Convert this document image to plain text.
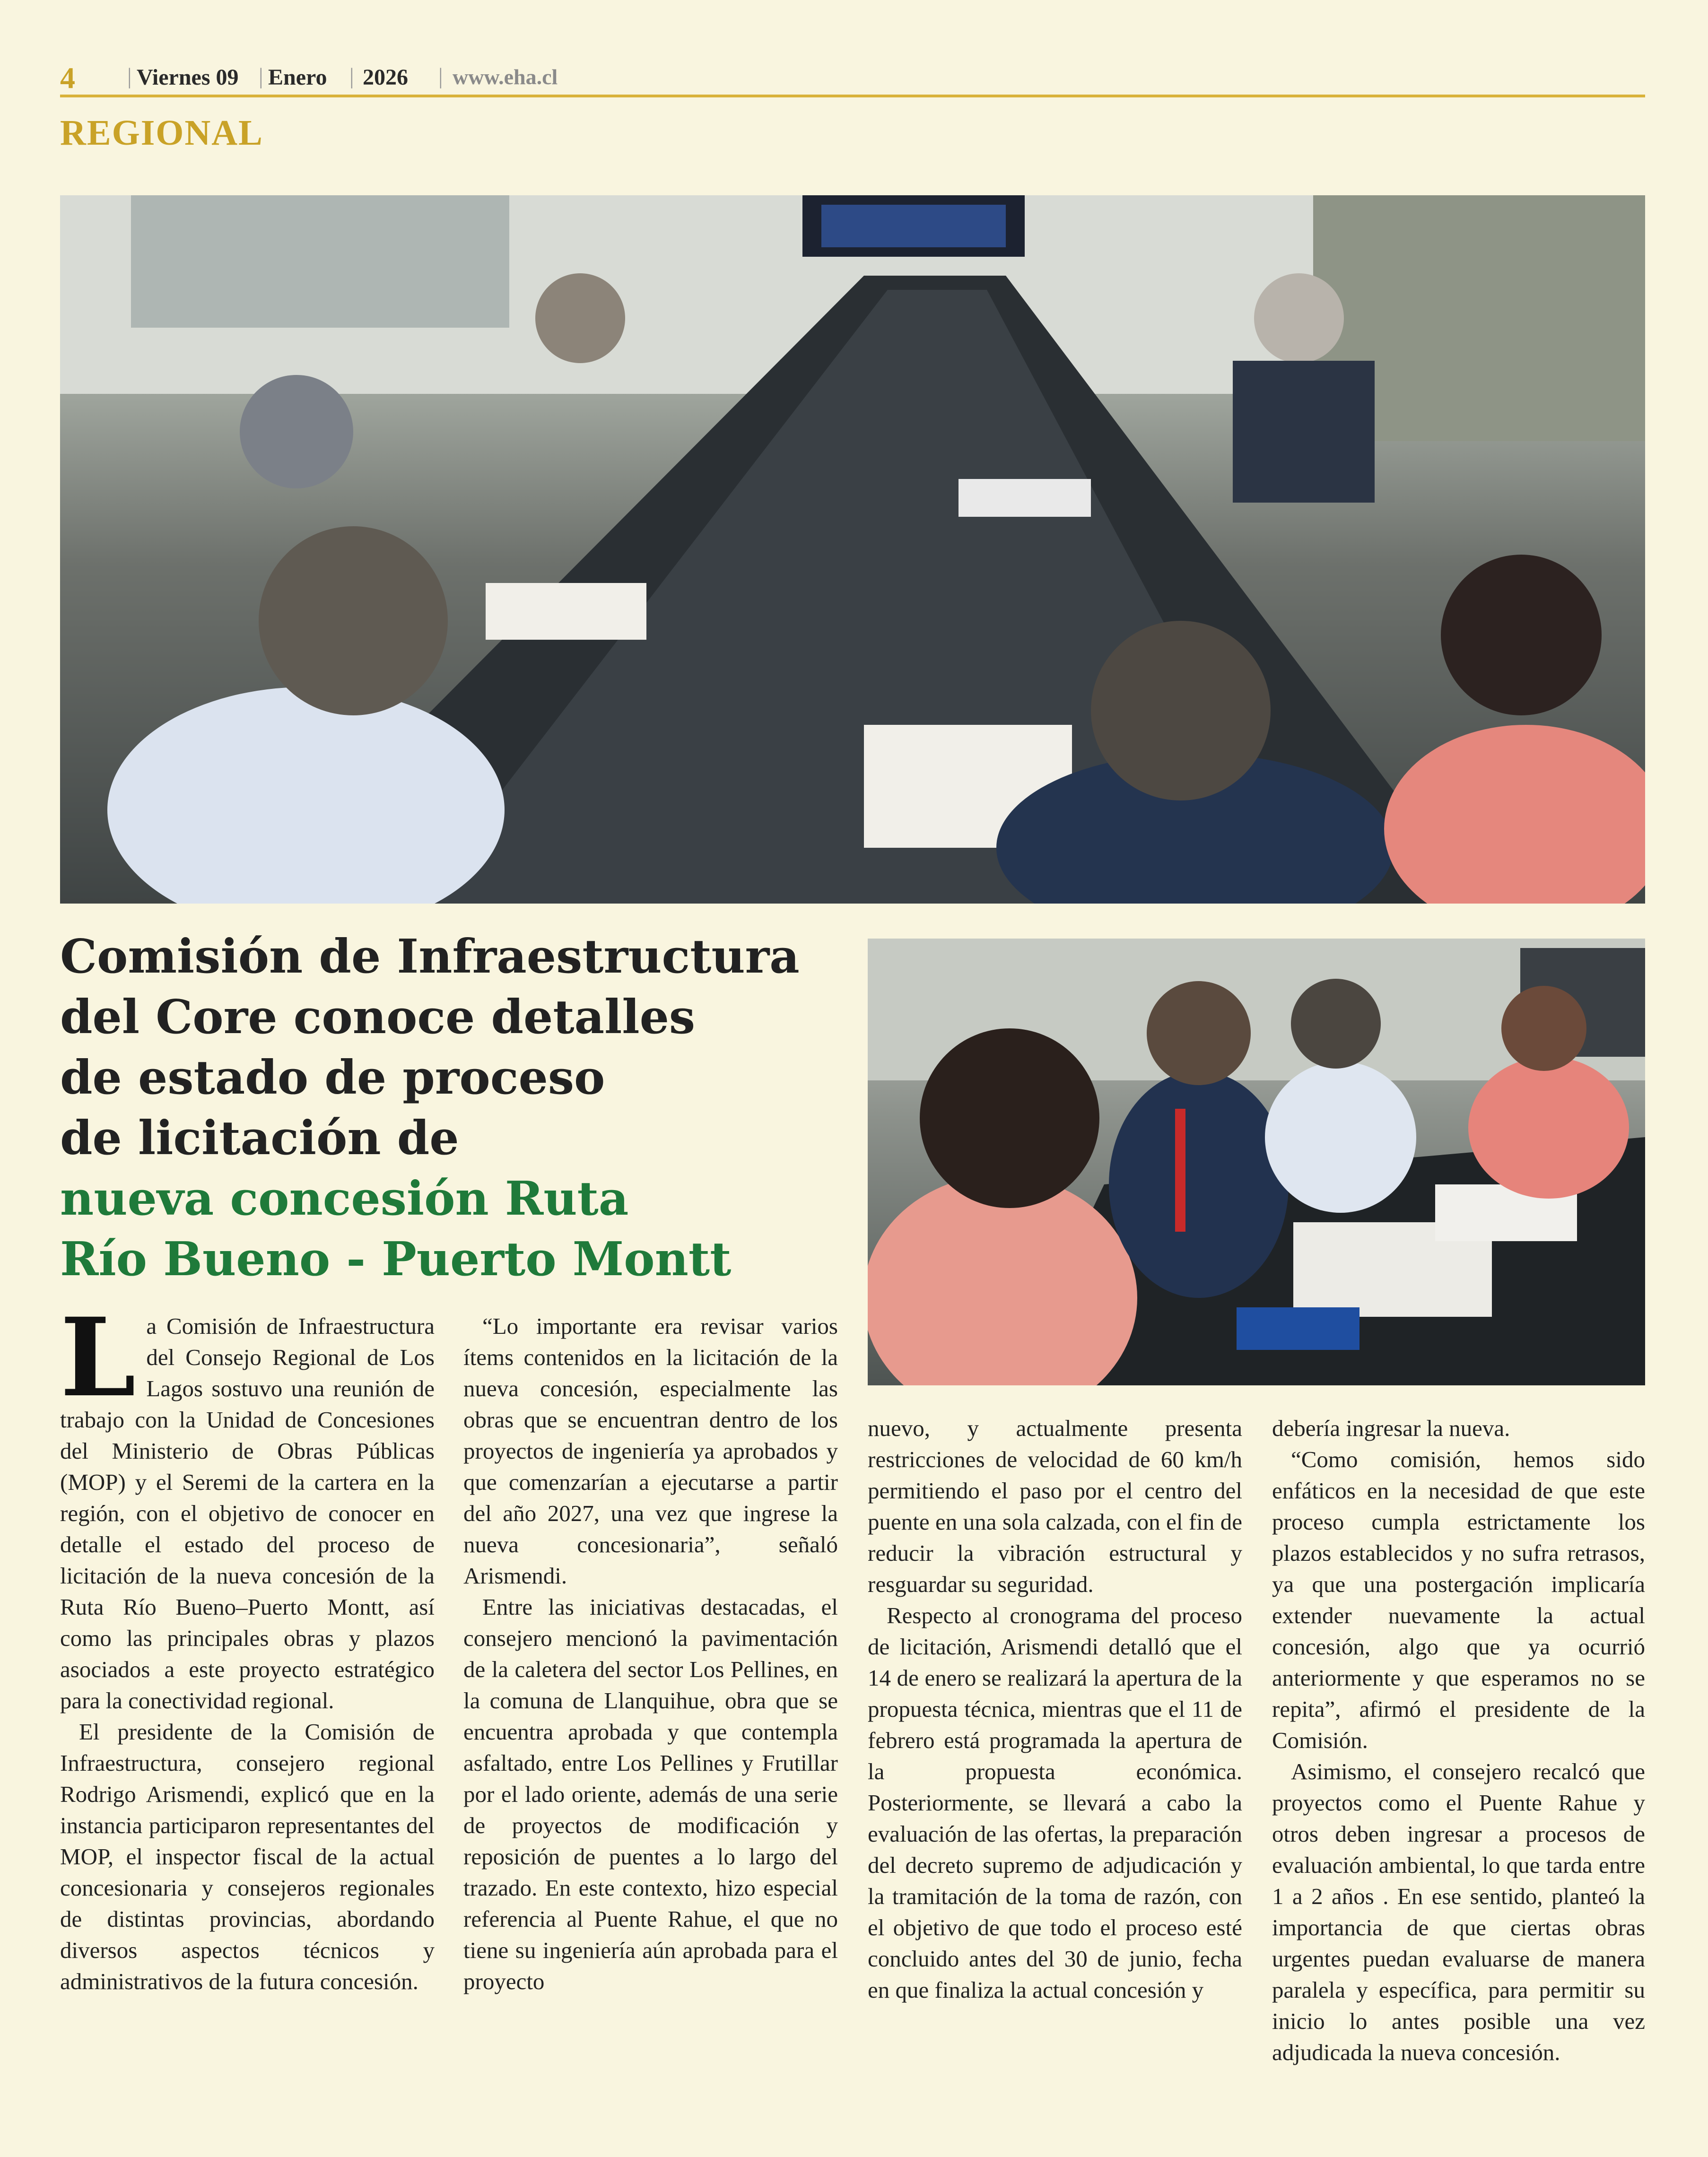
4 | Viernes 09 | Enero | 2026 | www.eha.cl
REGIONAL
Comisión de Infraestructura
del Core conoce detalles
de estado de proceso
de licitación de
nueva concesión Ruta
Río Bueno - Puerto Montt

La Comisión de Infraestructura del Consejo Regional de Los Lagos sostuvo una reunión de trabajo con la Unidad de Concesiones del Ministerio de Obras Públicas (MOP) y el Seremi de la cartera en la región, con el objetivo de conocer en detalle el estado del proceso de licitación de la nueva concesión de la Ruta Río Bueno–Puerto Montt, así como las principales obras y plazos asociados a este proyecto estratégico para la conectividad regional.

El presidente de la Comisión de Infraestructura, consejero regional Rodrigo Arismendi, explicó que en la instancia participaron representantes del MOP, el inspector fiscal de la actual concesionaria y consejeros regionales de distintas provincias, abordando diversos aspectos técnicos y administrativos de la futura concesión.

“Lo importante era revisar varios ítems contenidos en la licitación de la nueva concesión, especialmente las obras que se encuentran dentro de los proyectos de ingeniería ya aprobados y que comenzarían a ejecutarse a partir del año 2027, una vez que ingrese la nueva concesionaria”, señaló Arismendi.

Entre las iniciativas destacadas, el consejero mencionó la pavimentación de la caletera del sector Los Pellines, en la comuna de Llanquihue, obra que se encuentra aprobada y que contempla asfaltado, entre Los Pellines y Frutillar por el lado oriente, además de una serie de proyectos de modificación y reposición de puentes a lo largo del trazado. En este contexto, hizo especial referencia al Puente Rahue, el que no tiene su ingeniería aún aprobada para el proyecto

nuevo, y actualmente presenta restricciones de velocidad de 60 km/h permitiendo el paso por el centro del puente en una sola calzada, con el fin de reducir la vibración estructural y resguardar su seguridad.

Respecto al cronograma del proceso de licitación, Arismendi detalló que el 14 de enero se realizará la apertura de la propuesta técnica, mientras que el 11 de febrero está programada la apertura de la propuesta económica. Posteriormente, se llevará a cabo la evaluación de las ofertas, la preparación del decreto supremo de adjudicación y la tramitación de la toma de razón, con el objetivo de que todo el proceso esté concluido antes del 30 de junio, fecha en que finaliza la actual concesión y

debería ingresar la nueva.

“Como comisión, hemos sido enfáticos en la necesidad de que este proceso cumpla estrictamente los plazos establecidos y no sufra retrasos, ya que una postergación implicaría extender nuevamente la actual concesión, algo que ya ocurrió anteriormente y que esperamos no se repita”, afirmó el presidente de la Comisión.

Asimismo, el consejero recalcó que proyectos como el Puente Rahue y otros deben ingresar a procesos de evaluación ambiental, lo que tarda entre 1 a 2 años . En ese sentido, planteó la importancia de que ciertas obras urgentes puedan evaluarse de manera paralela y específica, para permitir su inicio lo antes posible una vez adjudicada la nueva concesión.
